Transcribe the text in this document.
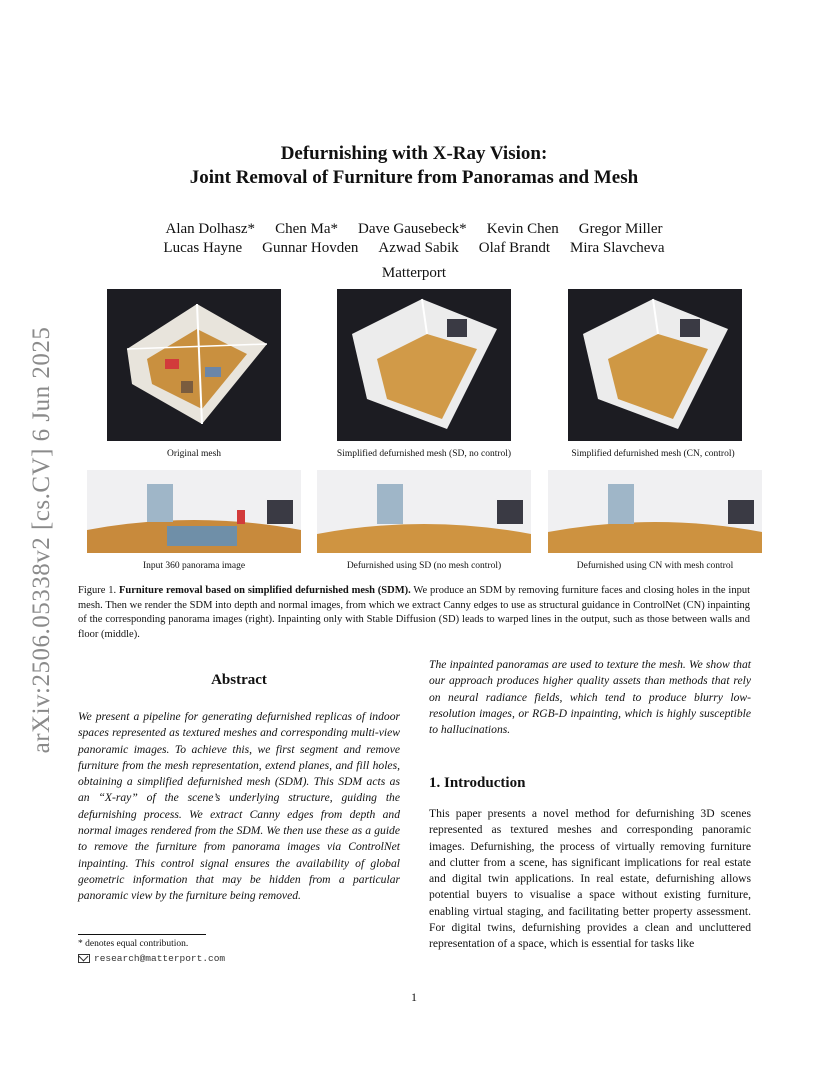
arXiv:2506.05338v2 [cs.CV] 6 Jun 2025
Defurnishing with X-Ray Vision:
Joint Removal of Furniture from Panoramas and Mesh
Alan Dolhasz* Chen Ma* Dave Gausebeck* Kevin Chen Gregor Miller
Lucas Hayne Gunnar Hovden Azwad Sabik Olaf Brandt Mira Slavcheva
Matterport
Original mesh	Simplified defurnished mesh (SD, no control)	Simplified defurnished mesh (CN, control)
Input 360 panorama image	Defurnished using SD (no mesh control)	Defurnished using CN with mesh control
Figure 1. Furniture removal based on simplified defurnished mesh (SDM). We produce an SDM by removing furniture faces and closing holes in the input mesh. Then we render the SDM into depth and normal images, from which we extract Canny edges to use as structural guidance in ControlNet (CN) inpainting of the corresponding panorama images (right). Inpainting only with Stable Diffusion (SD) leads to warped lines in the output, such as those between walls and floor (middle).
Abstract
We present a pipeline for generating defurnished replicas of indoor spaces represented as textured meshes and corresponding multi-view panoramic images. To achieve this, we first segment and remove furniture from the mesh representation, extend planes, and fill holes, obtaining a simplified defurnished mesh (SDM). This SDM acts as an “X-ray” of the scene’s underlying structure, guiding the defurnishing process. We extract Canny edges from depth and normal images rendered from the SDM. We then use these as a guide to remove the furniture from panorama images via ControlNet inpainting. This control signal ensures the availability of global geometric information that may be hidden from a particular panoramic view by the furniture being removed.
* denotes equal contribution.
research@matterport.com
The inpainted panoramas are used to texture the mesh. We show that our approach produces higher quality assets than methods that rely on neural radiance fields, which tend to produce blurry low-resolution images, or RGB-D inpainting, which is highly susceptible to hallucinations.
1. Introduction
This paper presents a novel method for defurnishing 3D scenes represented as textured meshes and corresponding panoramic images. Defurnishing, the process of virtually removing furniture and clutter from a scene, has significant implications for real estate and digital twin applications. In real estate, defurnishing allows potential buyers to visualise a space without existing furniture, enabling virtual staging, and facilitating better property assessment. For digital twins, defurnishing provides a clean and uncluttered representation of a space, which is essential for tasks like
1
